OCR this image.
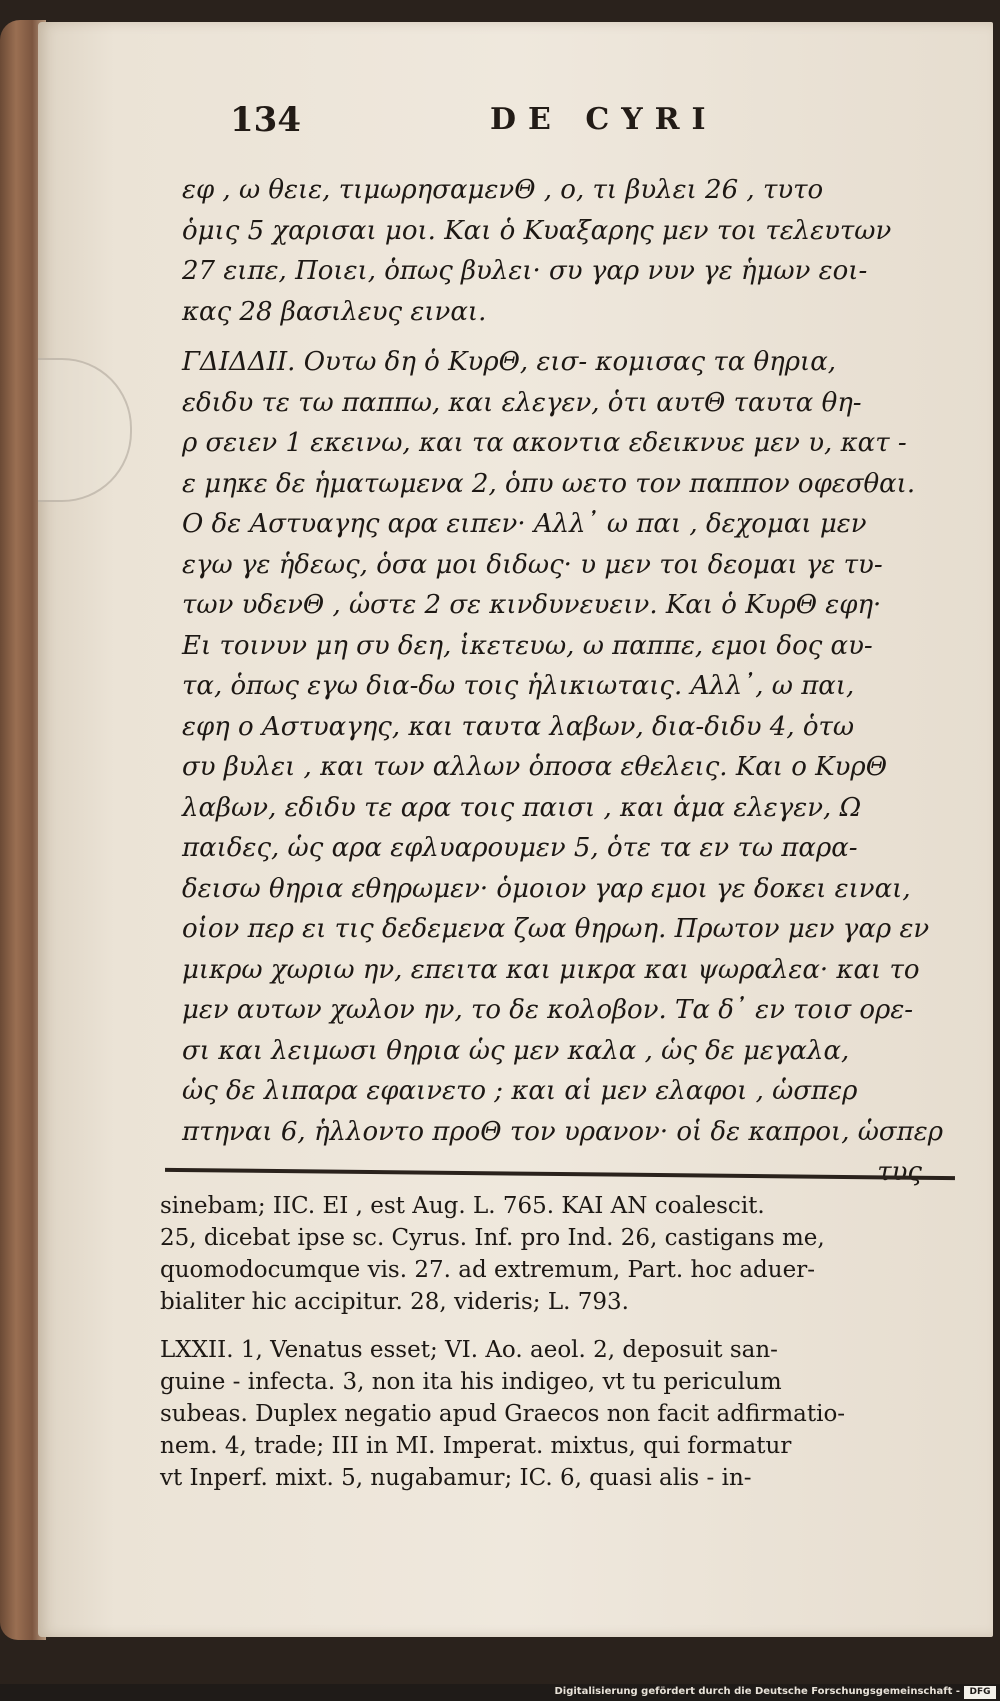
134	DE CYRI
εφ , ω θειε, τιμωρησαμενΘ , ο, τι βυλει 26 , τυτο
ὁμις 5 χαρισαι μοι. Και ὁ Κυαξαρης μεν τοι τελευτων
27 ειπε, Ποιει, ὁπως βυλει· συ γαρ νυν γε ἡμων εοι-
κας 28 βασιλευς ειναι.
ΓΔΙΔΔΙΙ. Ουτω δη ὁ ΚυρΘ, εισ- κομισας τα θηρια,
εδιδυ τε τω παππω, και ελεγεν, ὁτι αυτΘ ταυτα θη-
ρ σειεν 1 εκεινω, και τα ακοντια εδεικνυε μεν υ, κατ -
ε μηκε δε ἡματωμενα 2, ὁπυ ωετο τον παππον οφεσθαι.
Ο δε Αστυαγης αρα ειπεν· Αλλ᾽ ω παι , δεχομαι μεν
εγω γε ἡδεως, ὁσα μοι διδως· υ μεν τοι δεομαι γε τυ-
των υδενΘ , ὡστε 2 σε κινδυνευειν. Και ὁ ΚυρΘ εφη·
Ει τοινυν μη συ δεη, ἱκετευω, ω παππε, εμοι δος αυ-
τα, ὁπως εγω δια-δω τοις ἡλικιωταις. Αλλ᾽, ω παι,
εφη ο Αστυαγης, και ταυτα λαβων, δια-διδυ 4, ὁτω
συ βυλει , και των αλλων ὁποσα εθελεις. Και ο ΚυρΘ
λαβων, εδιδυ τε αρα τοις παισι , και ἁμα ελεγεν, Ω
παιδες, ὡς αρα εφλυαρουμεν 5, ὁτε τα εν τω παρα-
δεισω θηρια εθηρωμεν· ὁμοιον γαρ εμοι γε δοκει ειναι,
οἱον περ ει τις δεδεμενα ζωα θηρωη. Πρωτον μεν γαρ εν
μικρω χωριω ην, επειτα και μικρα και ψωραλεα· και το
μεν αυτων χωλον ην, το δε κολοβον. Τα δ᾽ εν τοισ ορε-
σι και λειμωσι θηρια ὡς μεν καλα , ὡς δε μεγαλα,
ὡς δε λιπαρα εφαινετο ; και αἱ μεν ελαφοι , ὡσπερ
πτηναι 6, ἡλλοντο προΘ τον υρανον· οἱ δε καπροι, ὡσπερ
τυς
sinebam; IIC. EI , est Aug. L. 765. KAI AN coalescit.
25, dicebat ipse sc. Cyrus. Inf. pro Ind. 26, castigans me,
quomodocumque vis. 27. ad extremum, Part. hoc aduer-
bialiter hic accipitur. 28, videris; L. 793.
LXXII. 1, Venatus esset; VI. Ao. aeol. 2, deposuit san-
guine - infecta. 3, non ita his indigeo, vt tu periculum
subeas. Duplex negatio apud Graecos non facit adfirmatio-
nem. 4, trade; III in MI. Imperat. mixtus, qui formatur
vt Inperf. mixt. 5, nugabamur; IC. 6, quasi alis - in-
Digitalisierung gefördert durch die Deutsche Forschungsgemeinschaft -	DFG
